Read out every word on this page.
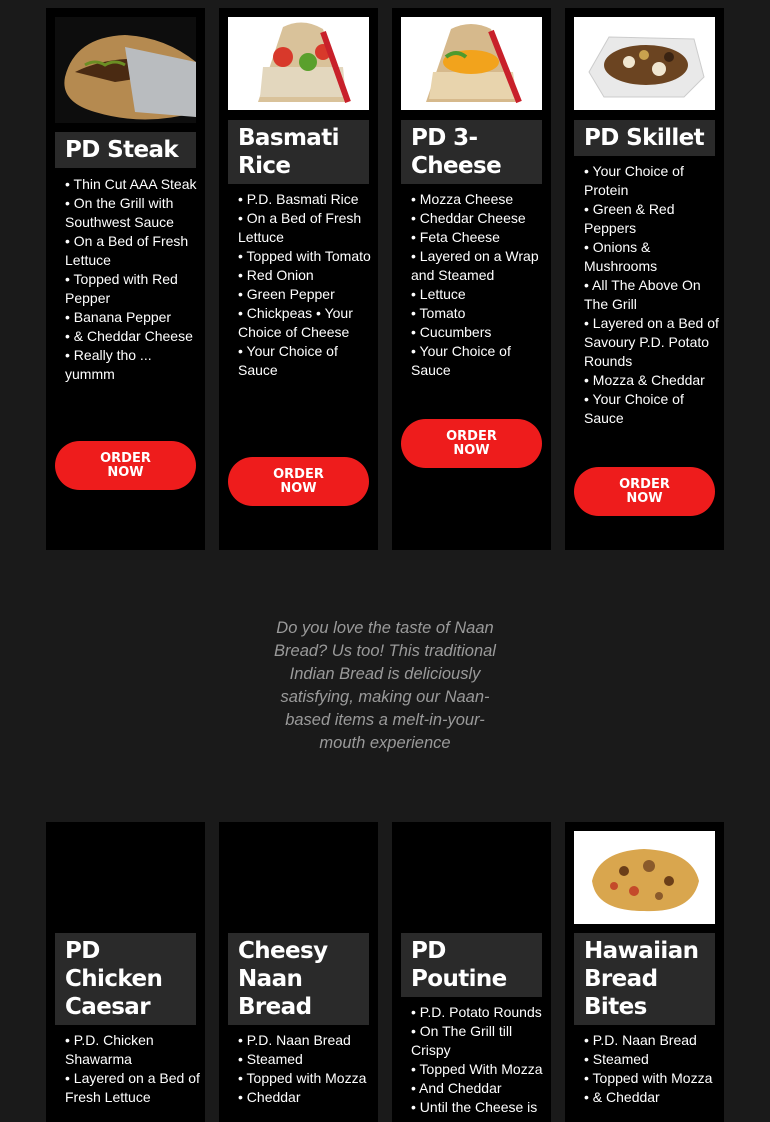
PD Steak
• Thin Cut AAA Steak
• On the Grill with Southwest Sauce
• On a Bed of Fresh Lettuce
• Topped with Red Pepper
• Banana Pepper
• & Cheddar Cheese
• Really tho ... yummm
ORDER
NOW
Basmati
Rice
• P.D. Basmati Rice
• On a Bed of Fresh Lettuce
• Topped with Tomato
• Red Onion
• Green Pepper
• Chickpeas • Your Choice of Cheese
• Your Choice of Sauce
ORDER
NOW
PD 3-
Cheese
• Mozza Cheese
• Cheddar Cheese
• Feta Cheese
• Layered on a Wrap and Steamed
• Lettuce
• Tomato
• Cucumbers
• Your Choice of Sauce
ORDER
NOW
PD Skillet
• Your Choice of Protein
• Green & Red Peppers
• Onions & Mushrooms
• All The Above On The Grill
• Layered on a Bed of Savoury P.D. Potato Rounds
• Mozza & Cheddar
• Your Choice of Sauce
ORDER
NOW
Do you love the taste of Naan Bread? Us too! This traditional Indian Bread is deliciously satisfying, making our Naan-based items a melt-in-your-mouth experience
PD
Chicken
Caesar
• P.D. Chicken Shawarma
• Layered on a Bed of Fresh Lettuce
Cheesy
Naan
Bread
• P.D. Naan Bread
• Steamed
• Topped with Mozza
• Cheddar
PD
Poutine
• P.D. Potato Rounds
• On The Grill till Crispy
• Topped With Mozza
• And Cheddar
• Until the Cheese is
Hawaiian
Bread
Bites
• P.D. Naan Bread
• Steamed
• Topped with Mozza
• & Cheddar
